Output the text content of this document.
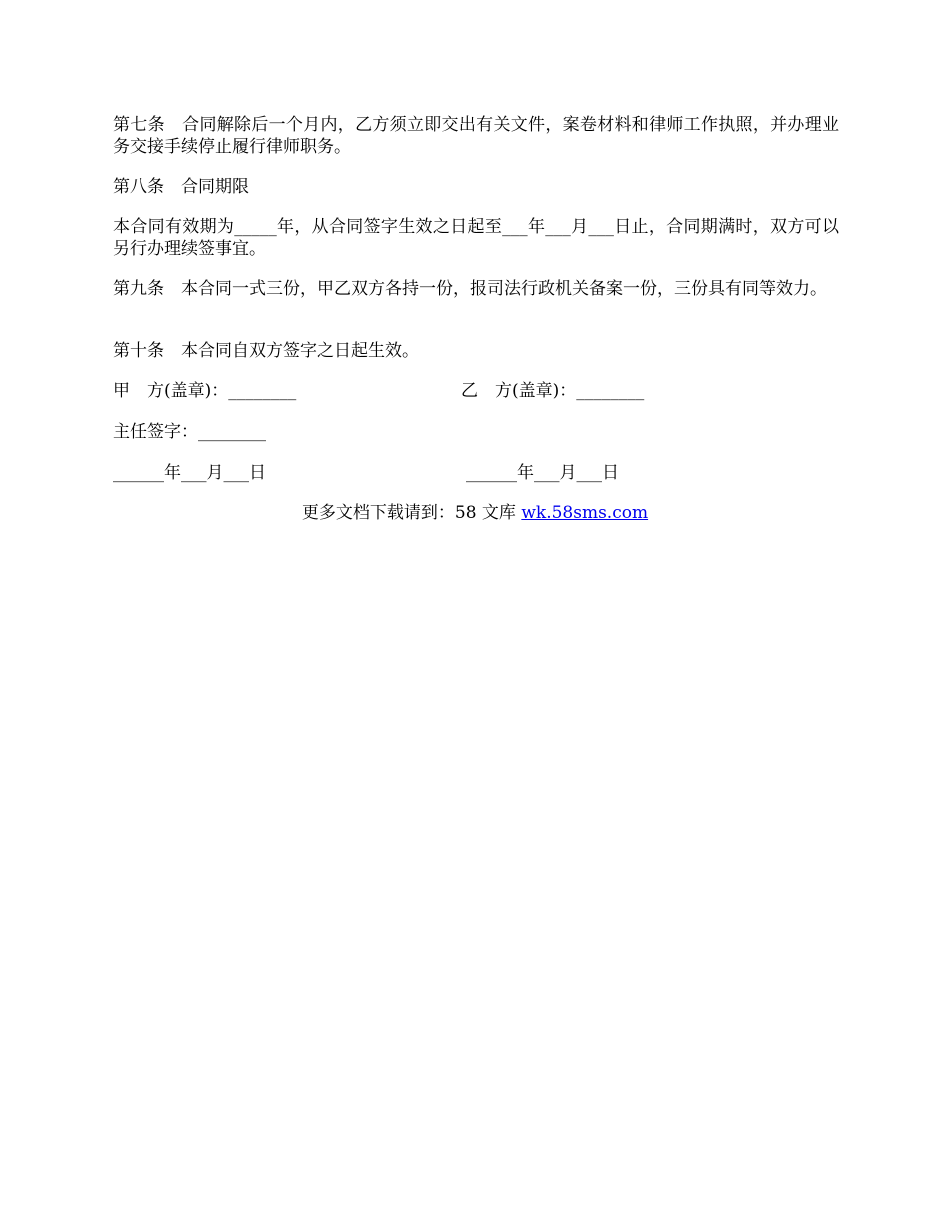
第七条　合同解除后一个月内，乙方须立即交出有关文件，案卷材料和律师工作执照，并办理业务交接手续停止履行律师职务。

第八条　合同期限

本合同有效期为_____年，从合同签字生效之日起至___年___月___日止，合同期满时，双方可以另行办理续签事宜。

第九条　本合同一式三份，甲乙双方各持一份，报司法行政机关备案一份，三份具有同等效力。

第十条　本合同自双方签字之日起生效。

甲　方(盖章)：________	乙　方(盖章)：________

主任签字：________

______年___月___日	______年___月___日

更多文档下载请到：58 文库 wk.58sms.com
